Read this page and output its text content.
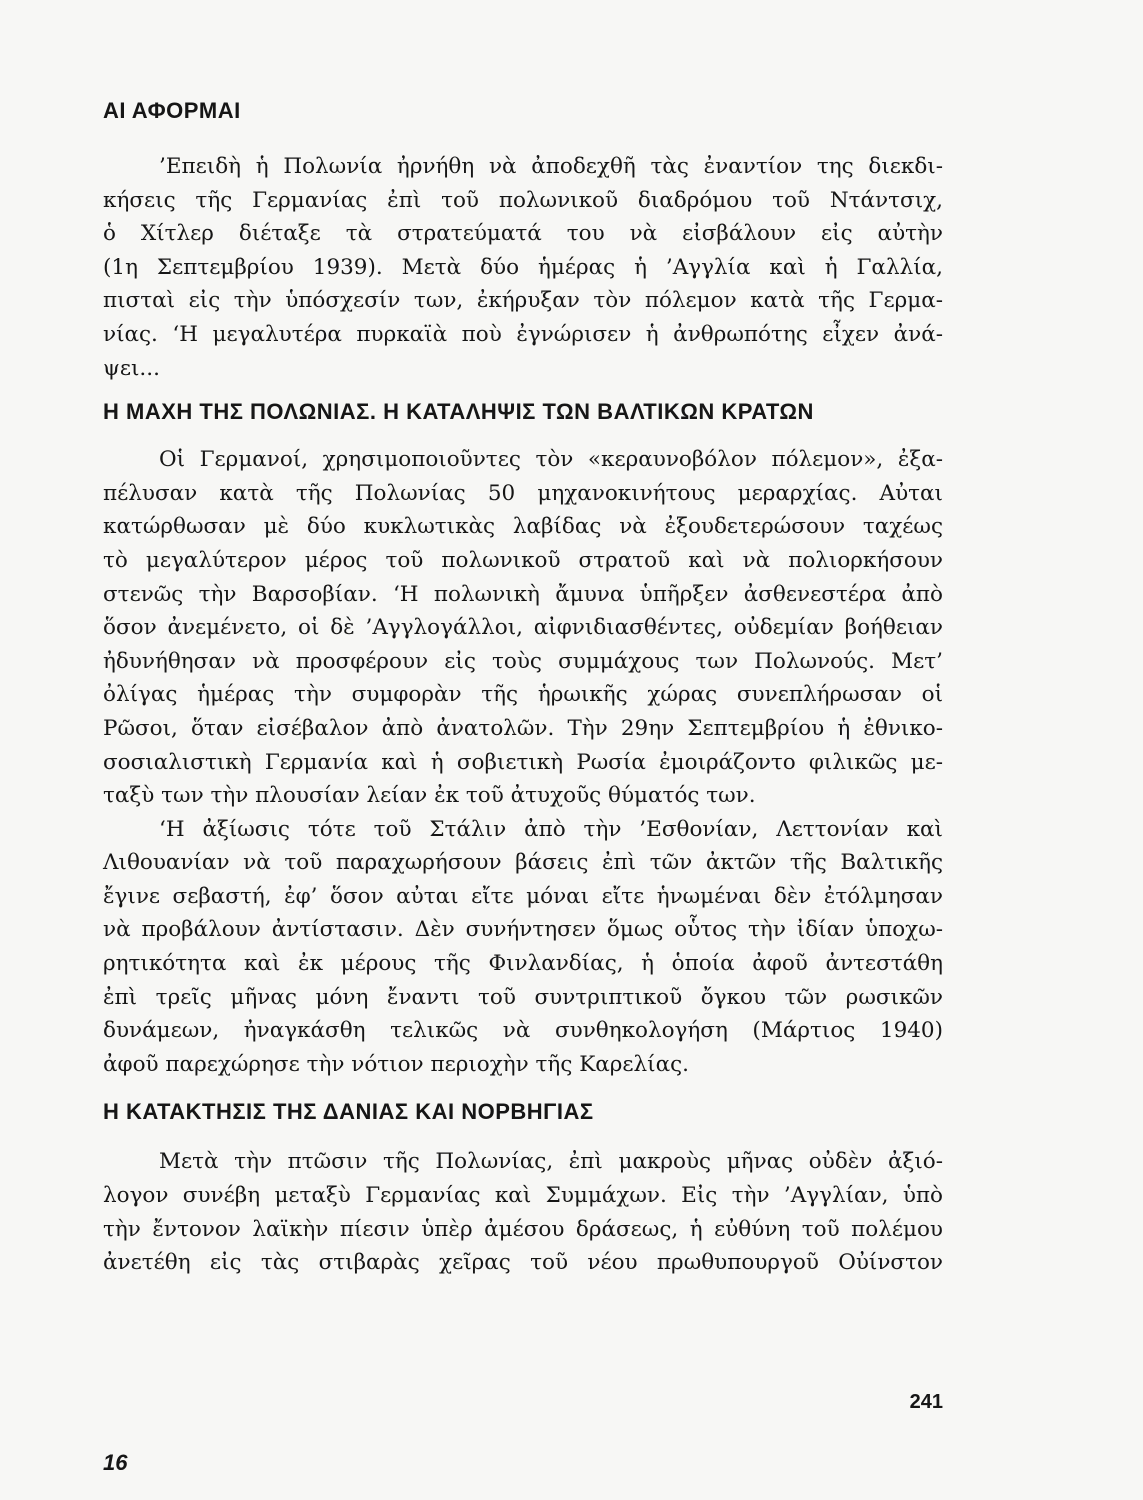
ΑΙ ΑΦΟΡΜΑΙ
’Επειδὴ ἡ Πολωνία ἠρνήθη νὰ ἀποδεχθῆ τὰς ἐναντίον της διεκδι-
κήσεις τῆς Γερμανίας ἐπὶ τοῦ πολωνικοῦ διαδρόμου τοῦ Ντάντσιχ,
ὁ Χίτλερ διέταξε τὰ στρατεύματά του νὰ εἰσβάλουν εἰς αὐτὴν
(1η Σεπτεμβρίου 1939). Μετὰ δύο ἡμέρας ἡ ’Αγγλία καὶ ἡ Γαλλία,
πισταὶ εἰς τὴν ὑπόσχεσίν των, ἐκήρυξαν τὸν πόλεμον κατὰ τῆς Γερμα-
νίας. ‘Η μεγαλυτέρα πυρκαϊὰ ποὺ ἐγνώρισεν ἡ ἀνθρωπότης εἶχεν ἀνά-
ψει...
Η ΜΑΧΗ ΤΗΣ ΠΟΛΩΝΙΑΣ. Η ΚΑΤΑΛΗΨΙΣ ΤΩΝ ΒΑΛΤΙΚΩΝ ΚΡΑΤΩΝ
Οἱ Γερμανοί, χρησιμοποιοῦντες τὸν «κεραυνοβόλον πόλεμον», ἐξα-
πέλυσαν κατὰ τῆς Πολωνίας 50 μηχανοκινήτους μεραρχίας. Αὐται
κατώρθωσαν μὲ δύο κυκλωτικὰς λαβίδας νὰ ἐξουδετερώσουν ταχέως
τὸ μεγαλύτερον μέρος τοῦ πολωνικοῦ στρατοῦ καὶ νὰ πολιορκήσουν
στενῶς τὴν Βαρσοβίαν. ‘Η πολωνικὴ ἄμυνα ὑπῆρξεν ἀσθενεστέρα ἀπὸ
ὅσον ἀνεμένετο, οἱ δὲ ’Αγγλογάλλοι, αἰφνιδιασθέντες, οὐδεμίαν βοήθειαν
ἠδυνήθησαν νὰ προσφέρουν εἰς τοὺς συμμάχους των Πολωνούς. Μετ’
ὀλίγας ἡμέρας τὴν συμφορὰν τῆς ἡρωικῆς χώρας συνεπλήρωσαν οἱ
Ρῶσοι, ὅταν εἰσέβαλον ἀπὸ ἀνατολῶν. Τὴν 29ην Σεπτεμβρίου ἡ ἐθνικο-
σοσιαλιστικὴ Γερμανία καὶ ἡ σοβιετικὴ Ρωσία ἐμοιράζοντο φιλικῶς με-
ταξὺ των τὴν πλουσίαν λείαν ἐκ τοῦ ἀτυχοῦς θύματός των.
‘Η ἀξίωσις τότε τοῦ Στάλιν ἀπὸ τὴν ’Εσθονίαν, Λεττονίαν καὶ
Λιθουανίαν νὰ τοῦ παραχωρήσουν βάσεις ἐπὶ τῶν ἀκτῶν τῆς Βαλτικῆς
ἔγινε σεβαστή, ἐφ’ ὅσον αὐται εἴτε μόναι εἴτε ἡνωμέναι δὲν ἐτόλμησαν
νὰ προβάλουν ἀντίστασιν. Δὲν συνήντησεν ὅμως οὗτος τὴν ἰδίαν ὑποχω-
ρητικότητα καὶ ἐκ μέρους τῆς Φινλανδίας, ἡ ὁποία ἀφοῦ ἀντεστάθη
ἐπὶ τρεῖς μῆνας μόνη ἔναντι τοῦ συντριπτικοῦ ὄγκου τῶν ρωσικῶν
δυνάμεων, ἠναγκάσθη τελικῶς νὰ συνθηκολογήση (Μάρτιος 1940)
ἀφοῦ παρεχώρησε τὴν νότιον περιοχὴν τῆς Καρελίας.
Η ΚΑΤΑΚΤΗΣΙΣ ΤΗΣ ΔΑΝΙΑΣ ΚΑΙ ΝΟΡΒΗΓΙΑΣ
Μετὰ τὴν πτῶσιν τῆς Πολωνίας, ἐπὶ μακροὺς μῆνας οὐδὲν ἀξιό-
λογον συνέβη μεταξὺ Γερμανίας καὶ Συμμάχων. Εἰς τὴν ’Αγγλίαν, ὑπὸ
τὴν ἔντονον λαϊκὴν πίεσιν ὑπὲρ ἀμέσου δράσεως, ἡ εὐθύνη τοῦ πολέμου
ἀνετέθη εἰς τὰς στιβαρὰς χεῖρας τοῦ νέου πρωθυπουργοῦ Οὐίνστον
241
16
